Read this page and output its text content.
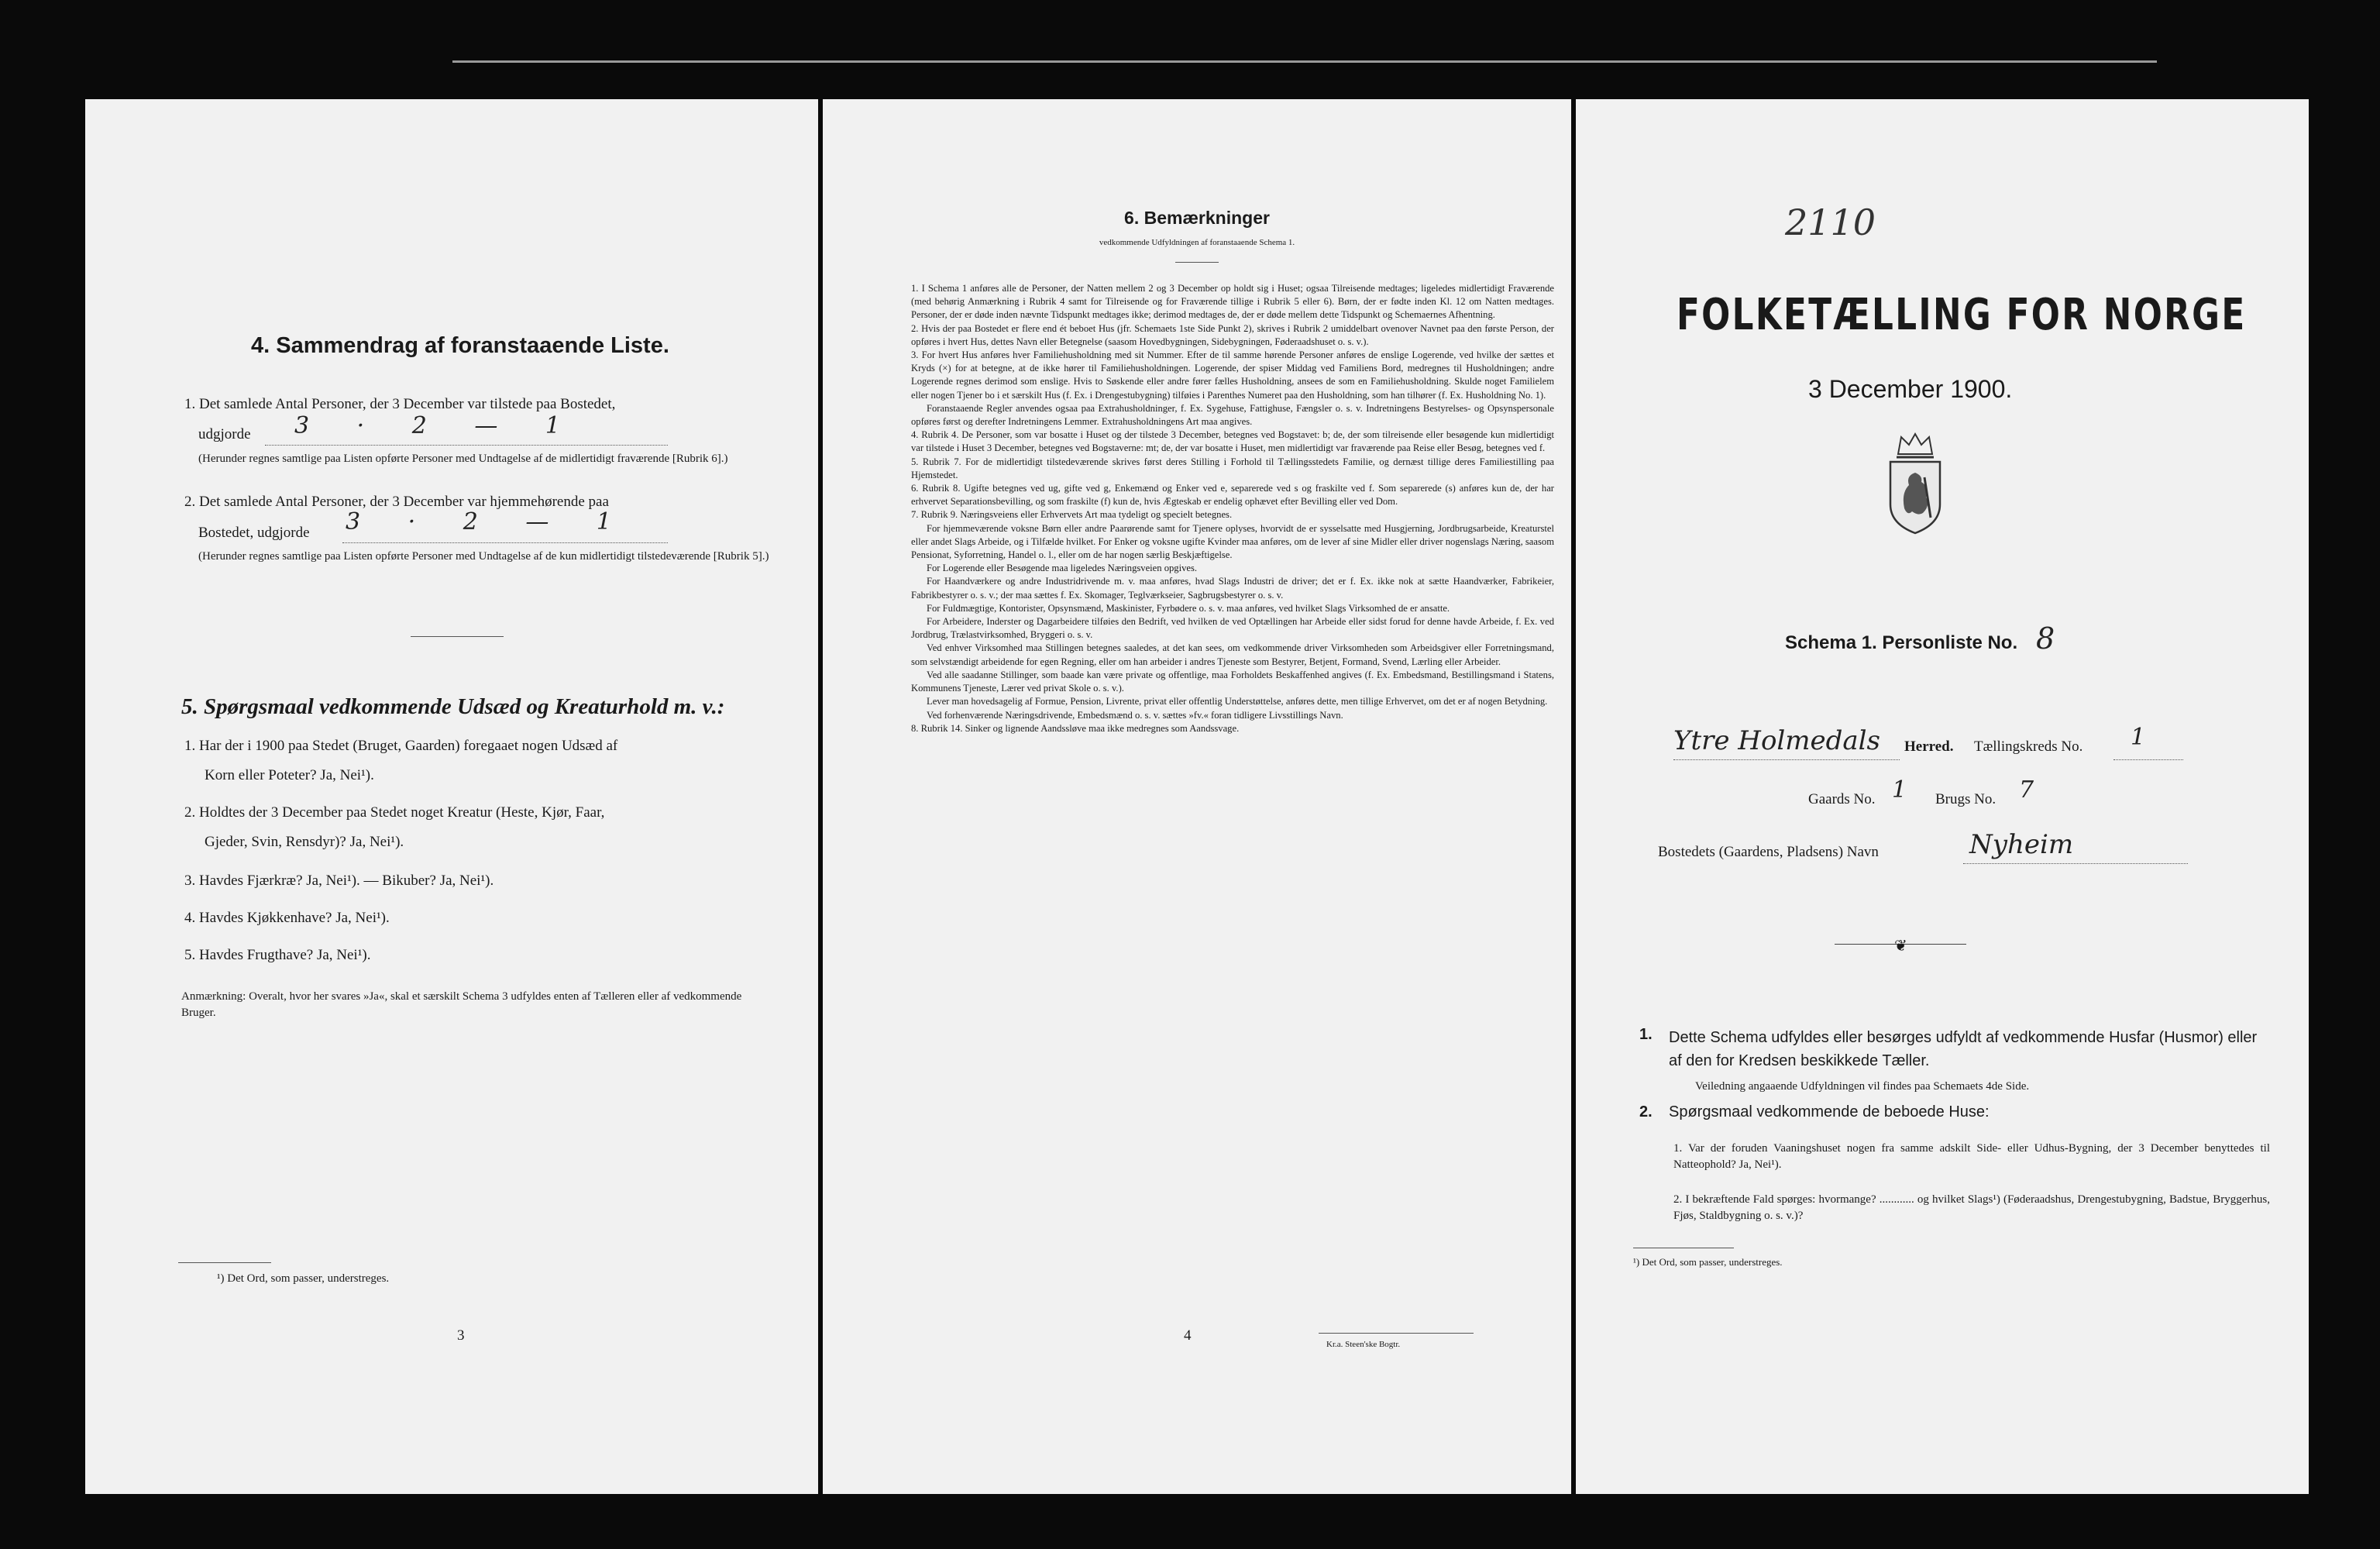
4. Sammendrag af foranstaaende Liste.
1. Det samlede Antal Personer, der 3 December var tilstede paa Bostedet,
udgjorde 3 · 2 — 1
(Herunder regnes samtlige paa Listen opførte Personer med Undtagelse af de midlertidigt fraværende [Rubrik 6].)
2. Det samlede Antal Personer, der 3 December var hjemmehørende paa
Bostedet, udgjorde 3 · 2 — 1
(Herunder regnes samtlige paa Listen opførte Personer med Undtagelse af de kun midlertidigt tilstedeværende [Rubrik 5].)
5. Spørgsmaal vedkommende Udsæd og Kreaturhold m. v.:
1. Har der i 1900 paa Stedet (Bruget, Gaarden) foregaaet nogen Udsæd af
Korn eller Poteter? Ja, Nei¹).
2. Holdtes der 3 December paa Stedet noget Kreatur (Heste, Kjør, Faar,
Gjeder, Svin, Rensdyr)? Ja, Nei¹).
3. Havdes Fjærkræ? Ja, Nei¹). — Bikuber? Ja, Nei¹).
4. Havdes Kjøkkenhave? Ja, Nei¹).
5. Havdes Frugthave? Ja, Nei¹).
Anmærkning: Overalt, hvor her svares »Ja«, skal et særskilt Schema 3 udfyldes enten af Tælleren eller af vedkommende Bruger.
¹) Det Ord, som passer, understreges.
3
6. Bemærkninger
vedkommende Udfyldningen af foranstaaende Schema 1.

1. I Schema 1 anføres alle de Personer, der Natten mellem 2 og 3 December op holdt sig i Huset; ogsaa Tilreisende medtages; ligeledes midlertidigt Fraværende (med behørig Anmærkning i Rubrik 4 samt for Tilreisende og for Fraværende tillige i Rubrik 5 eller 6). Børn, der er fødte inden Kl. 12 om Natten medtages. Personer, der er døde inden nævnte Tidspunkt medtages ikke; derimod medtages de, der er døde mellem dette Tidspunkt og Schemaernes Afhentning.

2. Hvis der paa Bostedet er flere end ét beboet Hus (jfr. Schemaets 1ste Side Punkt 2), skrives i Rubrik 2 umiddelbart ovenover Navnet paa den første Person, der opføres i hvert Hus, dettes Navn eller Betegnelse (saasom Hovedbygningen, Sidebygningen, Føderaadshuset o. s. v.).

3. For hvert Hus anføres hver Familiehusholdning med sit Nummer. Efter de til samme hørende Personer anføres de enslige Logerende, ved hvilke der sættes et Kryds (×) for at betegne, at de ikke hører til Familiehusholdningen. Logerende, der spiser Middag ved Familiens Bord, medregnes til Husholdningen; andre Logerende regnes derimod som enslige. Hvis to Søskende eller andre fører fælles Husholdning, ansees de som en Familiehusholdning. Skulde noget Familielem eller nogen Tjener bo i et særskilt Hus (f. Ex. i Drengestubygning) tilføies i Parenthes Numeret paa den Husholdning, som han tilhører (f. Ex. Husholdning No. 1).

Foranstaaende Regler anvendes ogsaa paa Extrahusholdninger, f. Ex. Sygehuse, Fattighuse, Fængsler o. s. v. Indretningens Bestyrelses- og Opsynspersonale opføres først og derefter Indretningens Lemmer. Extrahusholdningens Art maa angives.

4. Rubrik 4. De Personer, som var bosatte i Huset og der tilstede 3 December, betegnes ved Bogstavet: b; de, der som tilreisende eller besøgende kun midlertidigt var tilstede i Huset 3 December, betegnes ved Bogstaverne: mt; de, der var bosatte i Huset, men midlertidigt var fraværende paa Reise eller Besøg, betegnes ved f.

5. Rubrik 7. For de midlertidigt tilstedeværende skrives først deres Stilling i Forhold til Tællingsstedets Familie, og dernæst tillige deres Familiestilling paa Hjemstedet.

6. Rubrik 8. Ugifte betegnes ved ug, gifte ved g, Enkemænd og Enker ved e, separerede ved s og fraskilte ved f. Som separerede (s) anføres kun de, der har erhvervet Separationsbevilling, og som fraskilte (f) kun de, hvis Ægteskab er endelig ophævet efter Bevilling eller ved Dom.

7. Rubrik 9. Næringsveiens eller Erhvervets Art maa tydeligt og specielt betegnes.

For hjemmeværende voksne Børn eller andre Paarørende samt for Tjenere oplyses, hvorvidt de er sysselsatte med Husgjerning, Jordbrugsarbeide, Kreaturstel eller andet Slags Arbeide, og i Tilfælde hvilket. For Enker og voksne ugifte Kvinder maa anføres, om de lever af sine Midler eller driver nogenslags Næring, saasom Pensionat, Syforretning, Handel o. l., eller om de har nogen særlig Beskjæftigelse.

For Logerende eller Besøgende maa ligeledes Næringsveien opgives.

For Haandværkere og andre Industridrivende m. v. maa anføres, hvad Slags Industri de driver; det er f. Ex. ikke nok at sætte Haandværker, Fabrikeier, Fabrikbestyrer o. s. v.; der maa sættes f. Ex. Skomager, Teglværkseier, Sagbrugsbestyrer o. s. v.

For Fuldmægtige, Kontorister, Opsynsmænd, Maskinister, Fyrbødere o. s. v. maa anføres, ved hvilket Slags Virksomhed de er ansatte.

For Arbeidere, Inderster og Dagarbeidere tilføies den Bedrift, ved hvilken de ved Optællingen har Arbeide eller sidst forud for denne havde Arbeide, f. Ex. ved Jordbrug, Trælastvirksomhed, Bryggeri o. s. v.

Ved enhver Virksomhed maa Stillingen betegnes saaledes, at det kan sees, om vedkommende driver Virksomheden som Arbeidsgiver eller Forretningsmand, som selvstændigt arbeidende for egen Regning, eller om han arbeider i andres Tjeneste som Bestyrer, Betjent, Formand, Svend, Lærling eller Arbeider.

Ved alle saadanne Stillinger, som baade kan være private og offentlige, maa Forholdets Beskaffenhed angives (f. Ex. Embedsmand, Bestillingsmand i Statens, Kommunens Tjeneste, Lærer ved privat Skole o. s. v.).

Lever man hovedsagelig af Formue, Pension, Livrente, privat eller offentlig Understøttelse, anføres dette, men tillige Erhvervet, om det er af nogen Betydning.

Ved forhenværende Næringsdrivende, Embedsmænd o. s. v. sættes »fv.« foran tidligere Livsstillings Navn.

8. Rubrik 14. Sinker og lignende Aandssløve maa ikke medregnes som Aandssvage.

4
Kr.a. Steen'ske Bogtr.
2110
FOLKETÆLLING FOR NORGE
3 December 1900.
Schema 1. Personliste No. 8
Ytre Holmedals Herred. Tællingskreds No. 1
Gaards No. 1 Brugs No. 7
Bostedets (Gaardens, Pladsens) Navn	Nyheim
❦
1. Dette Schema udfyldes eller besørges udfyldt af vedkommende Husfar (Husmor) eller af den for Kredsen beskikkede Tæller.
Veiledning angaaende Udfyldningen vil findes paa Schemaets 4de Side.
2. Spørgsmaal vedkommende de beboede Huse:
1. Var der foruden Vaaningshuset nogen fra samme adskilt Side- eller Udhus-Bygning, der 3 December benyttedes til Natteophold? Ja, Nei¹).
2. I bekræftende Fald spørges: hvormange? ............ og hvilket Slags¹) (Føderaadshus, Drengestubygning, Badstue, Bryggerhus, Fjøs, Staldbygning o. s. v.)?
¹) Det Ord, som passer, understreges.
